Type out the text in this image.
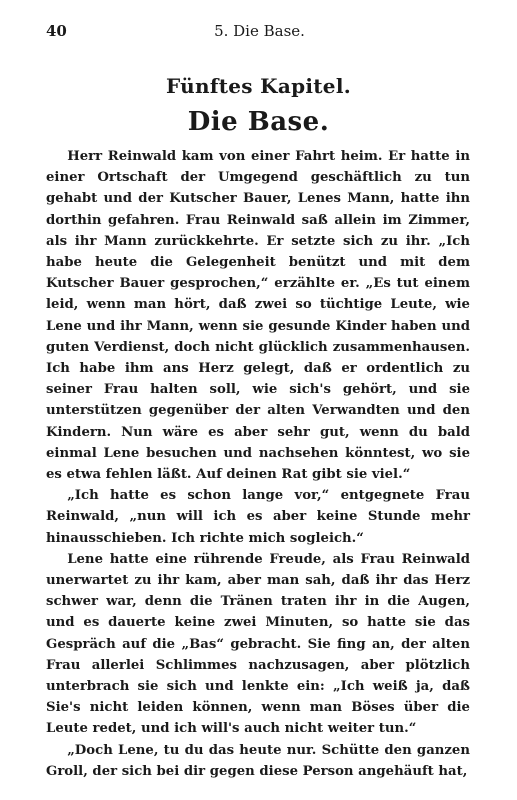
40	5. Die Base.
Fünftes Kapitel.
Die Base.

Herr Reinwald kam von einer Fahrt heim. Er hatte in einer Ortschaft der Umgegend geschäftlich zu tun gehabt und der Kutscher Bauer, Lenes Mann, hatte ihn dorthin gefahren. Frau Reinwald saß allein im Zimmer, als ihr Mann zurückkehrte. Er setzte sich zu ihr. „Ich habe heute die Gelegenheit benützt und mit dem Kutscher Bauer gesprochen,“ erzählte er. „Es tut einem leid, wenn man hört, daß zwei so tüchtige Leute, wie Lene und ihr Mann, wenn sie gesunde Kinder haben und guten Verdienst, doch nicht glücklich zusammenhausen. Ich habe ihm ans Herz gelegt, daß er ordentlich zu seiner Frau halten soll, wie sich's gehört, und sie unterstützen gegenüber der alten Verwandten und den Kindern. Nun wäre es aber sehr gut, wenn du bald einmal Lene besuchen und nachsehen könntest, wo sie es etwa fehlen läßt. Auf deinen Rat gibt sie viel.“

„Ich hatte es schon lange vor,“ entgegnete Frau Reinwald, „nun will ich es aber keine Stunde mehr hinausschieben. Ich richte mich sogleich.“

Lene hatte eine rührende Freude, als Frau Reinwald unerwartet zu ihr kam, aber man sah, daß ihr das Herz schwer war, denn die Tränen traten ihr in die Augen, und es dauerte keine zwei Minuten, so hatte sie das Gespräch auf die „Bas“ gebracht. Sie fing an, der alten Frau allerlei Schlimmes nachzusagen, aber plötzlich unterbrach sie sich und lenkte ein: „Ich weiß ja, daß Sie's nicht leiden können, wenn man Böses über die Leute redet, und ich will's auch nicht weiter tun.“

„Doch Lene, tu du das heute nur. Schütte den ganzen Groll, der sich bei dir gegen diese Person angehäuft hat,
